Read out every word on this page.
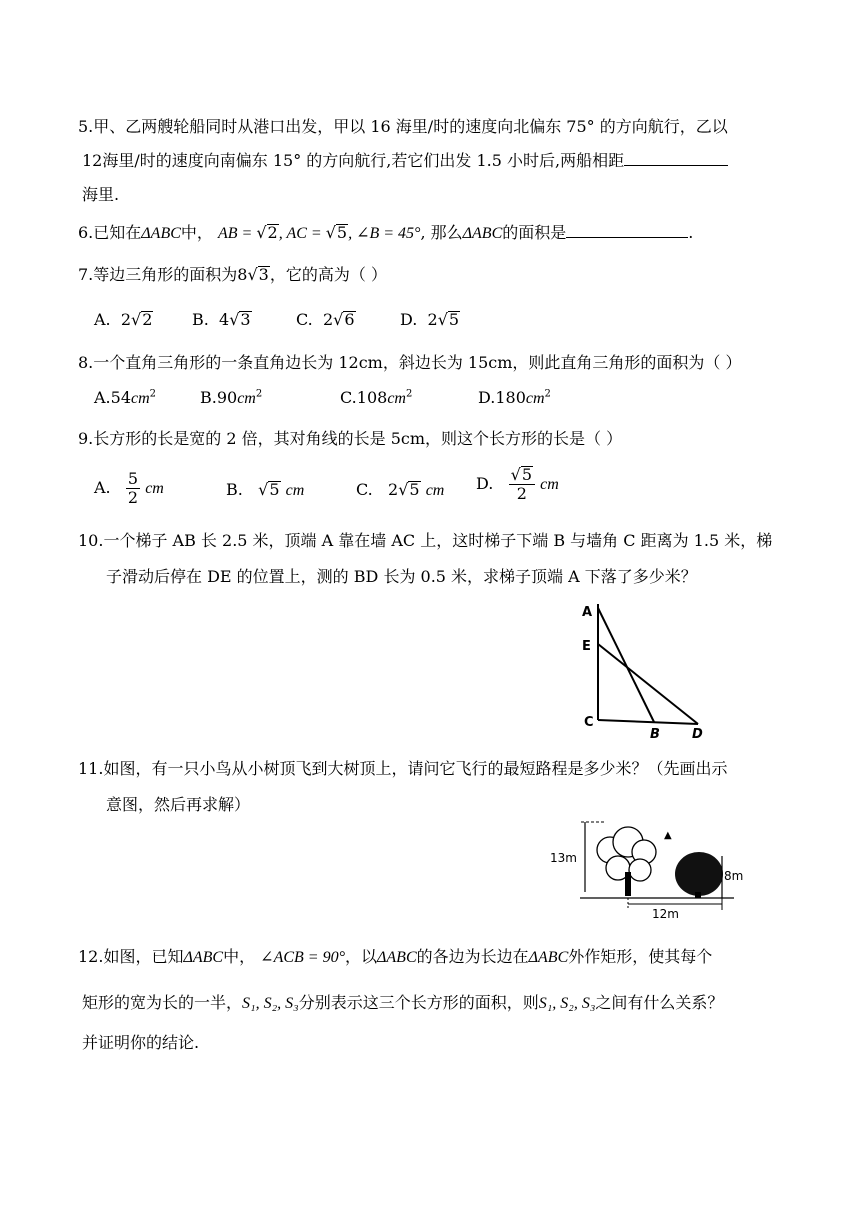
5.甲、乙两艘轮船同时从港口出发，甲以 16 海里/时的速度向北偏东 75° 的方向航行，乙以
12海里/时的速度向南偏东 15° 的方向航行,若它们出发 1.5 小时后,两船相距
海里.
6.已知在ΔABC中， AB = √2, AC = √5, ∠B = 45°, 那么ΔABC的面积是	.
7.等边三角形的面积为8√3，它的高为（ ）
A. 2√2 B. 4√3	C. 2√6	D. 2√5
8.一个直角三角形的一条直角边长为 12cm，斜边长为 15cm，则此直角三角形的面积为（ ）
$A.54cm^2$	$B.90cm^2$	$C.108cm^2$	$D.180cm^2$
9.长方形的长是宽的 2 倍，其对角线的长是 5cm，则这个长方形的长是（ ）
A. $\frac{5}{2}$ cm	B. √5 cm	C. 2√5 cm D. $\frac{√5}{2}$ cm
10.一个梯子 AB 长 2.5 米，顶端 A 靠在墙 AC 上，这时梯子下端 B 与墙角 C 距离为 1.5 米，梯
子滑动后停在 DE 的位置上，测的 BD 长为 0.5 米，求梯子顶端 A 下落了多少米？
A
E
C
B D
11.如图，有一只小鸟从小树顶飞到大树顶上，请问它飞行的最短路程是多少米？（先画出示
意图，然后再求解）
13m
▲
8m
12m
12.如图，已知ΔABC中， ∠ACB = 90°，以ΔABC的各边为长边在ΔABC外作矩形，使其每个
矩形的宽为长的一半，S₁, S₂, S₃分别表示这三个长方形的面积，则S₁, S₂, S₃之间有什么关系？
并证明你的结论.
